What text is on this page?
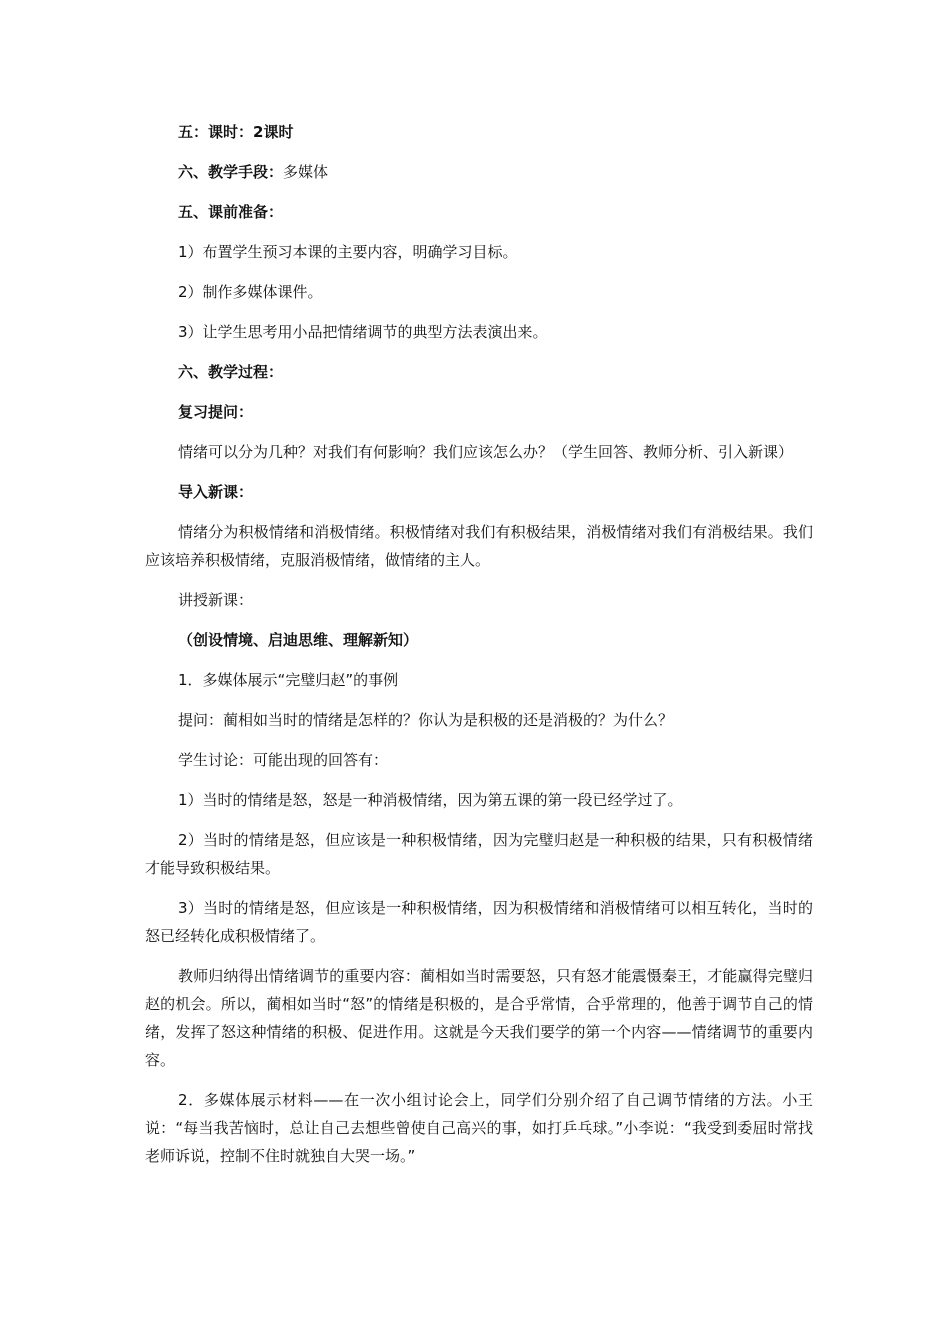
五：课时：2课时

六、教学手段：多媒体

五、课前准备：

1）布置学生预习本课的主要内容，明确学习目标。

2）制作多媒体课件。

3）让学生思考用小品把情绪调节的典型方法表演出来。

六、教学过程：

复习提问：

情绪可以分为几种？对我们有何影响？我们应该怎么办？（学生回答、教师分析、引入新课）

导入新课：

情绪分为积极情绪和消极情绪。积极情绪对我们有积极结果，消极情绪对我们有消极结果。我们应该培养积极情绪，克服消极情绪，做情绪的主人。

讲授新课：

（创设情境、启迪思维、理解新知）

1．多媒体展示“完璧归赵”的事例

提问：蔺相如当时的情绪是怎样的？你认为是积极的还是消极的？为什么？

学生讨论：可能出现的回答有：

1）当时的情绪是怒，怒是一种消极情绪，因为第五课的第一段已经学过了。

2）当时的情绪是怒，但应该是一种积极情绪，因为完璧归赵是一种积极的结果，只有积极情绪才能导致积极结果。

3）当时的情绪是怒，但应该是一种积极情绪，因为积极情绪和消极情绪可以相互转化，当时的怒已经转化成积极情绪了。

教师归纳得出情绪调节的重要内容：蔺相如当时需要怒，只有怒才能震慑秦王，才能赢得完璧归赵的机会。所以，蔺相如当时“怒”的情绪是积极的，是合乎常情，合乎常理的，他善于调节自己的情绪，发挥了怒这种情绪的积极、促进作用。这就是今天我们要学的第一个内容——情绪调节的重要内容。

2．多媒体展示材料——在一次小组讨论会上，同学们分别介绍了自己调节情绪的方法。小王说：“每当我苦恼时，总让自己去想些曾使自己高兴的事，如打乒乓球。”小李说：“我受到委屈时常找老师诉说，控制不住时就独自大哭一场。”
